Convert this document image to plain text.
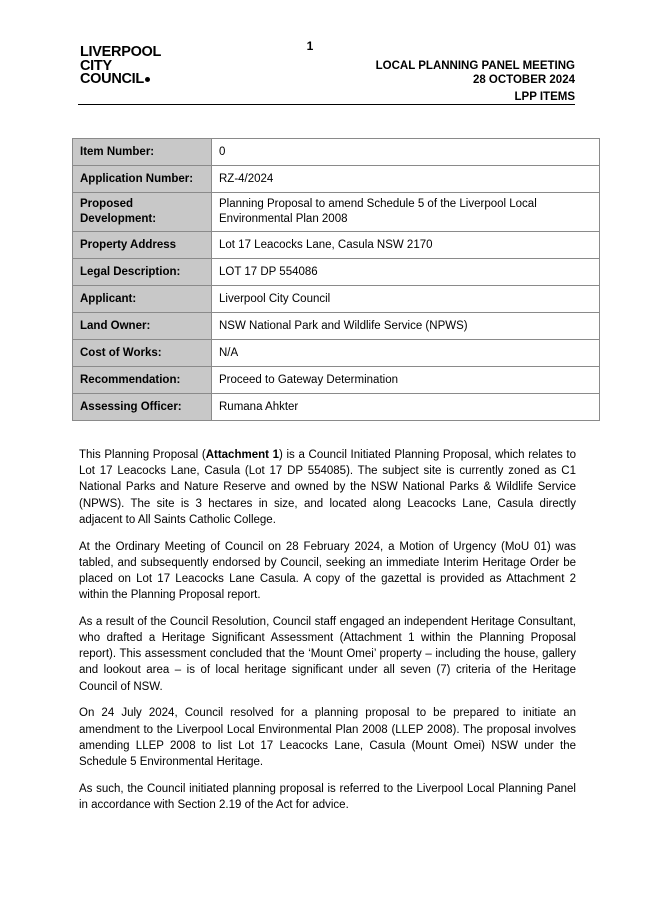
1
LIVERPOOL
CITY
COUNCIL
LOCAL PLANNING PANEL MEETING
28 OCTOBER 2024
LPP ITEMS
Item Number:	0
Application Number:	RZ-4/2024
Proposed Development:	Planning Proposal to amend Schedule 5 of the Liverpool Local Environmental Plan 2008
Property Address	Lot 17 Leacocks Lane, Casula NSW 2170
Legal Description:	LOT 17 DP 554086
Applicant:	Liverpool City Council
Land Owner:	NSW National Park and Wildlife Service (NPWS)
Cost of Works:	N/A
Recommendation:	Proceed to Gateway Determination
Assessing Officer:	Rumana Ahkter

This Planning Proposal (Attachment 1) is a Council Initiated Planning Proposal, which relates to Lot 17 Leacocks Lane, Casula (Lot 17 DP 554085). The subject site is currently zoned as C1 National Parks and Nature Reserve and owned by the NSW National Parks & Wildlife Service (NPWS). The site is 3 hectares in size, and located along Leacocks Lane, Casula directly adjacent to All Saints Catholic College.

At the Ordinary Meeting of Council on 28 February 2024, a Motion of Urgency (MoU 01) was tabled, and subsequently endorsed by Council, seeking an immediate Interim Heritage Order be placed on Lot 17 Leacocks Lane Casula. A copy of the gazettal is provided as Attachment 2 within the Planning Proposal report.

As a result of the Council Resolution, Council staff engaged an independent Heritage Consultant, who drafted a Heritage Significant Assessment (Attachment 1 within the Planning Proposal report). This assessment concluded that the ‘Mount Omei’ property – including the house, gallery and lookout area – is of local heritage significant under all seven (7) criteria of the Heritage Council of NSW.

On 24 July 2024, Council resolved for a planning proposal to be prepared to initiate an amendment to the Liverpool Local Environmental Plan 2008 (LLEP 2008). The proposal involves amending LLEP 2008 to list Lot 17 Leacocks Lane, Casula (Mount Omei) NSW under the Schedule 5 Environmental Heritage.

As such, the Council initiated planning proposal is referred to the Liverpool Local Planning Panel in accordance with Section 2.19 of the Act for advice.
